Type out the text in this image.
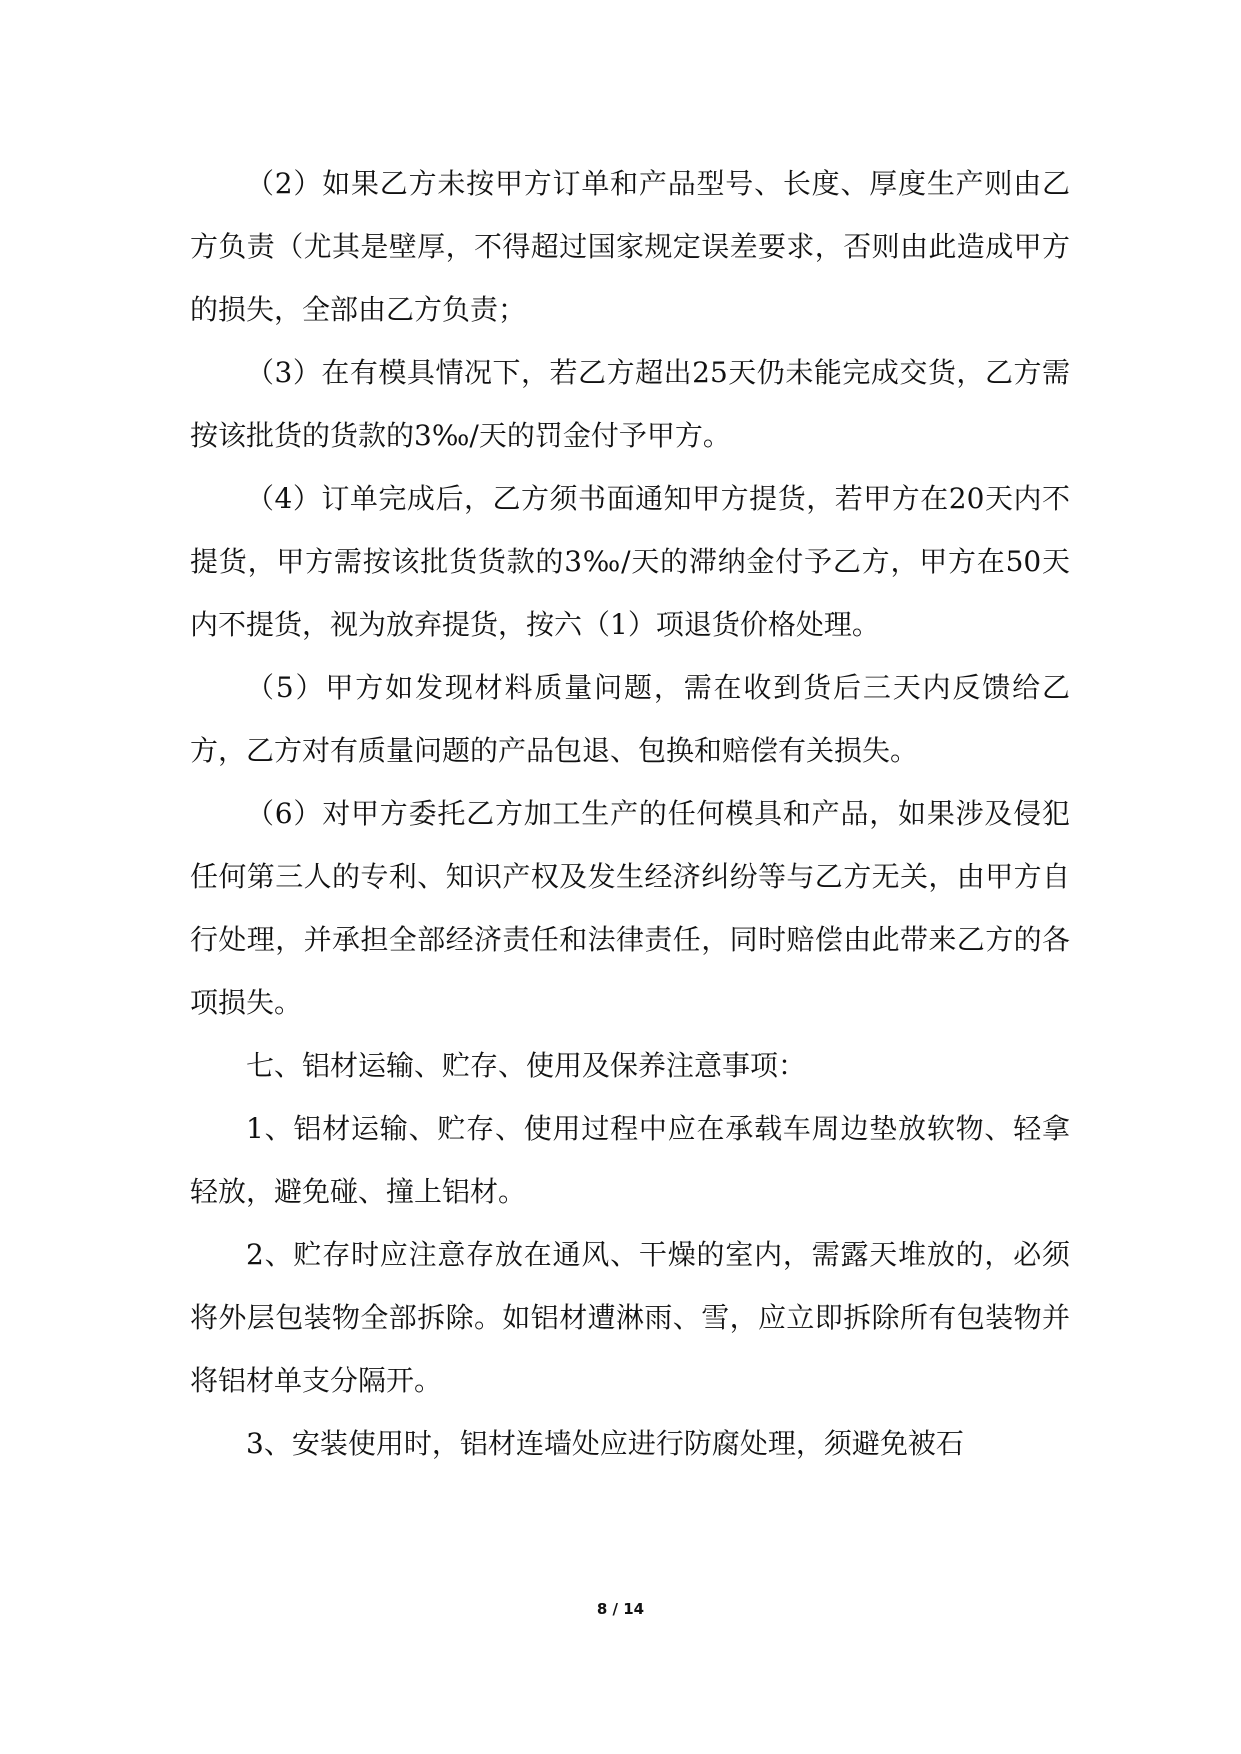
（2）如果乙方未按甲方订单和产品型号、长度、厚度生产则由乙方负责（尤其是壁厚，不得超过国家规定误差要求，否则由此造成甲方的损失，全部由乙方负责；

（3）在有模具情况下，若乙方超出25天仍未能完成交货，乙方需按该批货的货款的3‰/天的罚金付予甲方。

（4）订单完成后，乙方须书面通知甲方提货，若甲方在20天内不提货，甲方需按该批货货款的3‰/天的滞纳金付予乙方，甲方在50天内不提货，视为放弃提货，按六（1）项退货价格处理。

（5）甲方如发现材料质量问题，需在收到货后三天内反馈给乙方，乙方对有质量问题的产品包退、包换和赔偿有关损失。

（6）对甲方委托乙方加工生产的任何模具和产品，如果涉及侵犯任何第三人的专利、知识产权及发生经济纠纷等与乙方无关，由甲方自行处理，并承担全部经济责任和法律责任，同时赔偿由此带来乙方的各项损失。

七、铝材运输、贮存、使用及保养注意事项：

1、铝材运输、贮存、使用过程中应在承载车周边垫放软物、轻拿轻放，避免碰、撞上铝材。

2、贮存时应注意存放在通风、干燥的室内，需露天堆放的，必须将外层包装物全部拆除。如铝材遭淋雨、雪，应立即拆除所有包装物并将铝材单支分隔开。

3、安装使用时，铝材连墙处应进行防腐处理，须避免被石

8 / 14
